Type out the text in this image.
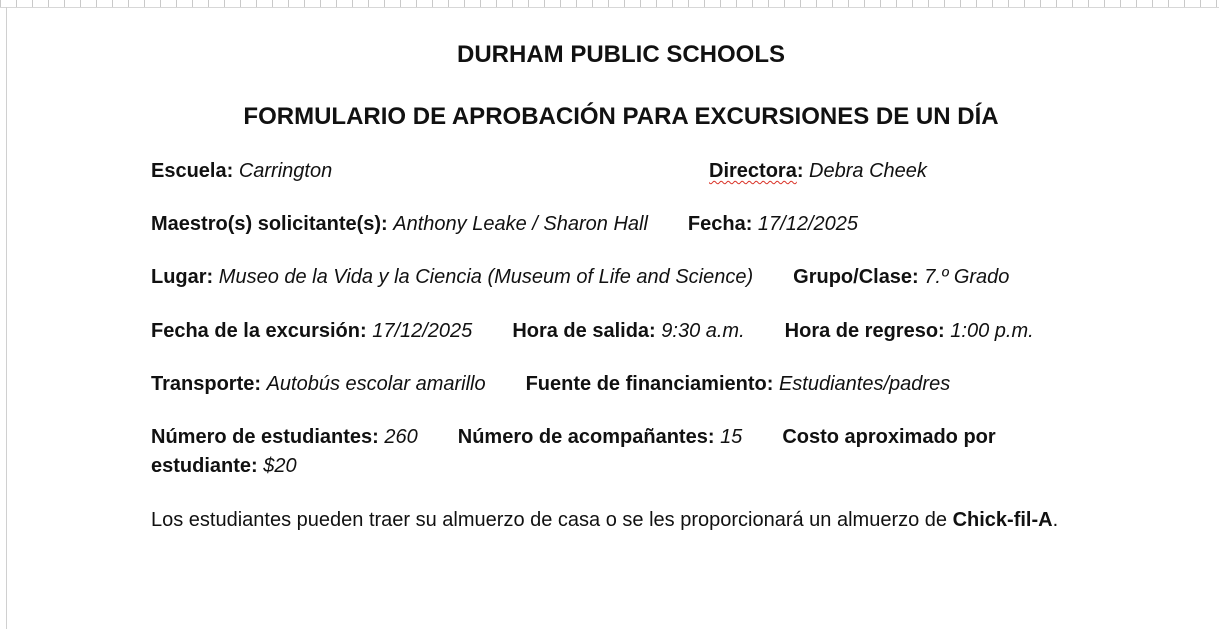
DURHAM PUBLIC SCHOOLS

FORMULARIO DE APROBACIÓN PARA EXCURSIONES DE UN DÍA

Escuela: Carrington	Directora: Debra Cheek

Maestro(s) solicitante(s): Anthony Leake / Sharon Hall Fecha: 17/12/2025

Lugar: Museo de la Vida y la Ciencia (Museum of Life and Science) Grupo/Clase: 7.º Grado

Fecha de la excursión: 17/12/2025 Hora de salida: 9:30 a.m. Hora de regreso: 1:00 p.m.

Transporte: Autobús escolar amarillo Fuente de financiamiento: Estudiantes/padres

Número de estudiantes: 260 Número de acompañantes: 15 Costo aproximado por estudiante: $20

Los estudiantes pueden traer su almuerzo de casa o se les proporcionará un almuerzo de Chick-fil-A.
